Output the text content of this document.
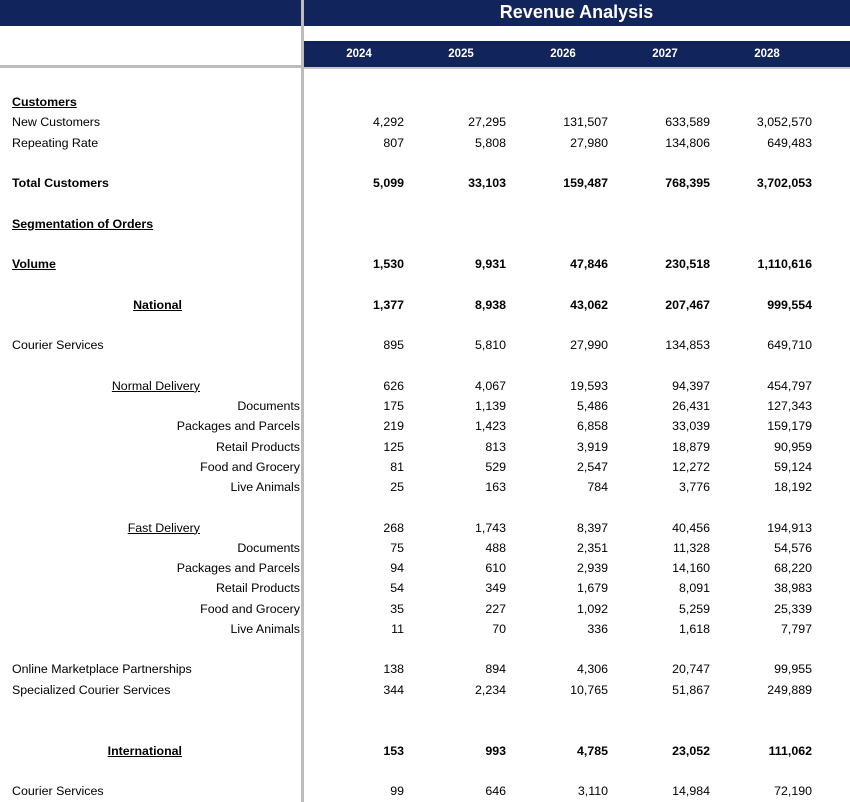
Revenue Analysis
2024	2025	2026	2027	2028
Customers
New Customers	4,292	27,295	131,507	633,589	3,052,570
Repeating Rate	807	5,808	27,980	134,806	649,483
Total Customers	5,099	33,103	159,487	768,395	3,702,053
Segmentation of Orders
Volume	1,530	9,931	47,846	230,518	1,110,616
National	1,377	8,938	43,062	207,467	999,554
Courier Services	895	5,810	27,990	134,853	649,710
Normal Delivery	626	4,067	19,593	94,397	454,797
Documents	175	1,139	5,486	26,431	127,343
Packages and Parcels	219	1,423	6,858	33,039	159,179
Retail Products	125	813	3,919	18,879	90,959
Food and Grocery	81	529	2,547	12,272	59,124
Live Animals	25	163	784	3,776	18,192
Fast Delivery	268	1,743	8,397	40,456	194,913
Documents	75	488	2,351	11,328	54,576
Packages and Parcels	94	610	2,939	14,160	68,220
Retail Products	54	349	1,679	8,091	38,983
Food and Grocery	35	227	1,092	5,259	25,339
Live Animals	11	70	336	1,618	7,797
Online Marketplace Partnerships	138	894	4,306	20,747	99,955
Specialized Courier Services	344	2,234	10,765	51,867	249,889
International	153	993	4,785	23,052	111,062
Courier Services	99	646	3,110	14,984	72,190
